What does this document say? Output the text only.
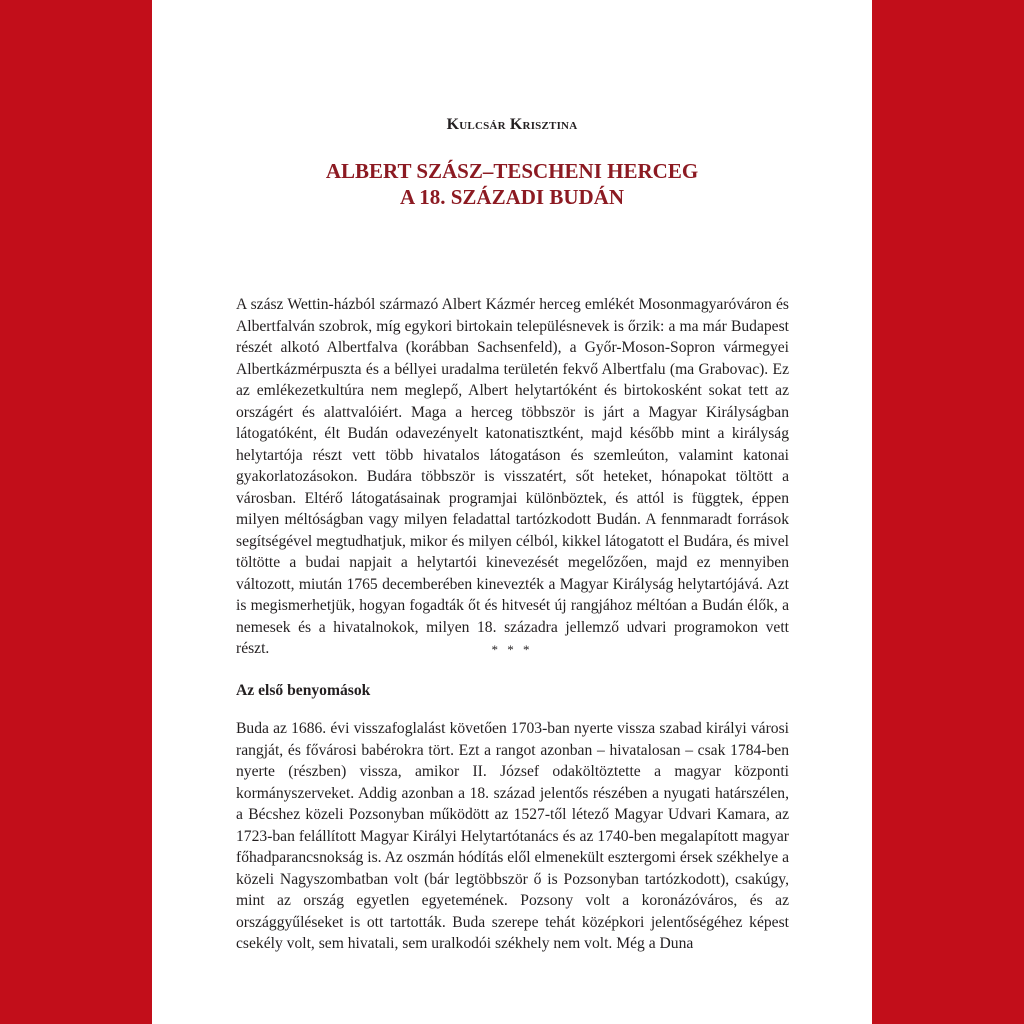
Kulcsár Krisztina

ALBERT SZÁSZ–TESCHENI HERCEG
A 18. SZÁZADI BUDÁN

A szász Wettin-házból származó Albert Kázmér herceg emlékét Mosonmagyaróváron és Albertfalván szobrok, míg egykori birtokain településnevek is őrzik: a ma már Budapest részét alkotó Albertfalva (korábban Sachsenfeld), a Győr-Moson-Sopron vármegyei Albertkázmérpuszta és a béllyei uradalma területén fekvő Albertfalu (ma Grabovac). Ez az emlékezetkultúra nem meglepő, Albert helytartóként és birtokosként sokat tett az országért és alattvalóiért. Maga a herceg többször is járt a Magyar Királyságban látogatóként, élt Budán odavezényelt katonatisztként, majd később mint a királyság helytartója részt vett több hivatalos látogatáson és szemleúton, valamint katonai gyakorlatozásokon. Budára többször is visszatért, sőt heteket, hónapokat töltött a városban. Eltérő látogatásainak programjai különböztek, és attól is függtek, éppen milyen méltóságban vagy milyen feladattal tartózkodott Budán. A fennmaradt források segítségével megtudhatjuk, mikor és milyen célból, kikkel látogatott el Budára, és mivel töltötte a budai napjait a helytartói kinevezését megelőzően, majd ez mennyiben változott, miután 1765 decemberében kinevezték a Magyar Királyság helytartójává. Azt is megismerhetjük, hogyan fogadták őt és hitvesét új rangjához méltóan a Budán élők, a nemesek és a hivatalnokok, milyen 18. századra jellemző udvari programokon vett részt.	* * *

Az első benyomások

Buda az 1686. évi visszafoglalást követően 1703-ban nyerte vissza szabad királyi városi rangját, és fővárosi babérokra tört. Ezt a rangot azonban – hivatalosan – csak 1784-ben nyerte (részben) vissza, amikor II. József odaköltöztette a magyar központi kormányszerveket. Addig azonban a 18. század jelentős részében a nyugati határszélen, a Bécshez közeli Pozsonyban működött az 1527-től létező Magyar Udvari Kamara, az 1723-ban felállított Magyar Királyi Helytartótanács és az 1740-ben megalapított magyar főhadparancsnokság is. Az oszmán hódítás elől elmenekült esztergomi érsek székhelye a közeli Nagyszombatban volt (bár legtöbbször ő is Pozsonyban tartózkodott), csakúgy, mint az ország egyetlen egyetemének. Pozsony volt a koronázóváros, és az országgyűléseket is ott tartották. Buda szerepe tehát középkori jelentőségéhez képest csekély volt, sem hivatali, sem uralkodói székhely nem volt. Még a Duna
